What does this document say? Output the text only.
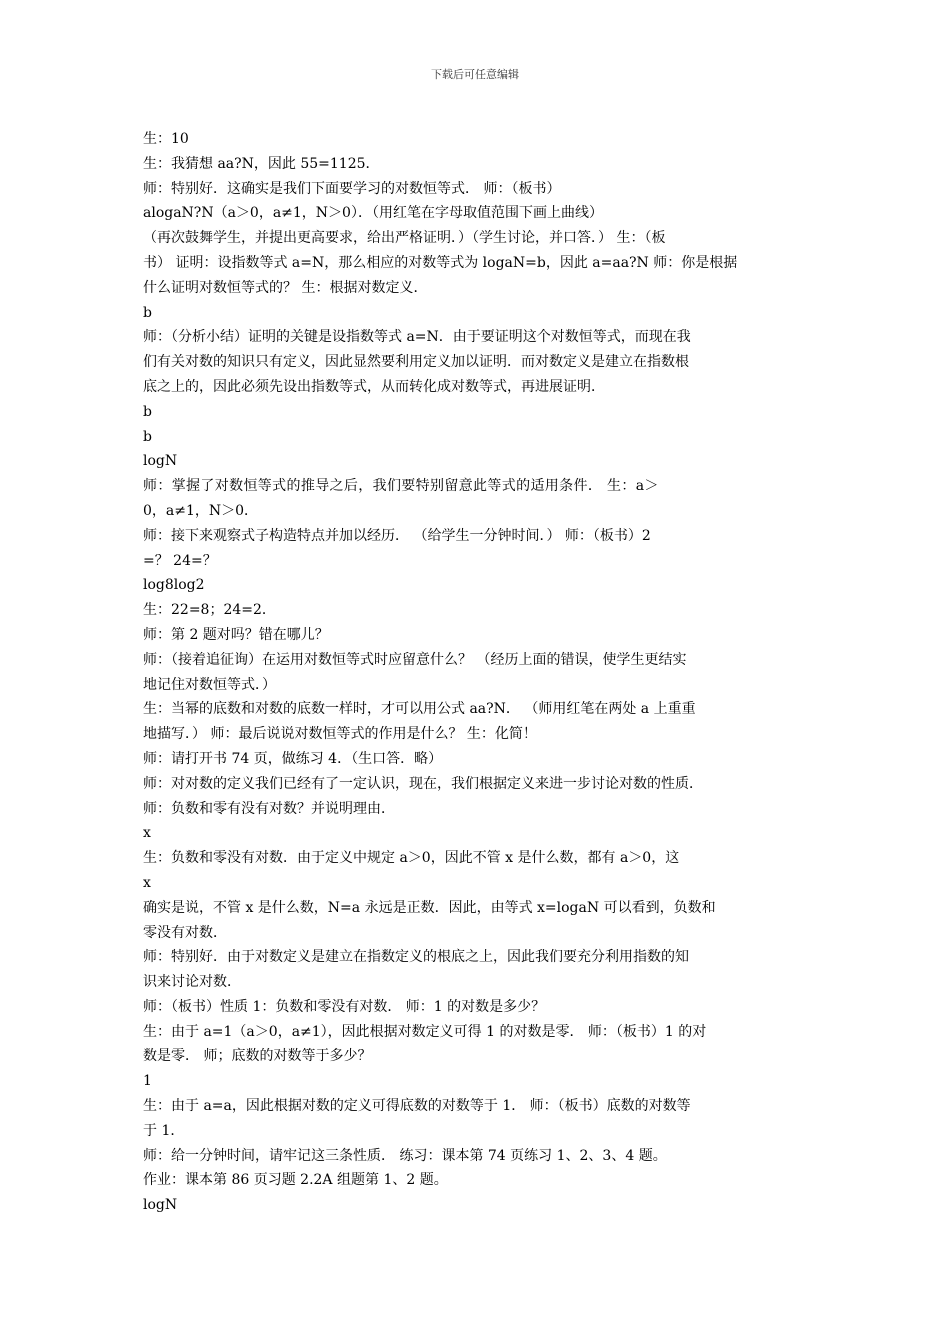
下载后可任意编辑
生：10
生：我猜想 aa?N，因此 55=1125．
师：特别好．这确实是我们下面要学习的对数恒等式． 师：（板书）
alogaN?N（a＞0，a≠1，N＞0）．（用红笔在字母取值范围下画上曲线）
（再次鼓舞学生，并提出更高要求，给出严格证明．）（学生讨论，并口答．） 生：（板
书） 证明：设指数等式 a=N，那么相应的对数等式为 logaN=b，因此 a=aa?N 师：你是根据
什么证明对数恒等式的？ 生：根据对数定义．
b
师：（分析小结）证明的关键是设指数等式 a=N．由于要证明这个对数恒等式，而现在我
们有关对数的知识只有定义，因此显然要利用定义加以证明．而对数定义是建立在指数根
底之上的，因此必须先设出指数等式，从而转化成对数等式，再进展证明．
b
b
logN
师：掌握了对数恒等式的推导之后，我们要特别留意此等式的适用条件． 生：a＞
0，a≠1，N＞0．
师：接下来观察式子构造特点并加以经历． （给学生一分钟时间．） 师：（板书）2
=？ 24=？
log8log2
生：22=8；24=2．
师：第 2 题对吗？错在哪儿？
师：（接着追征询）在运用对数恒等式时应留意什么？ （经历上面的错误，使学生更结实
地记住对数恒等式．）
生：当幂的底数和对数的底数一样时，才可以用公式 aa?N． （师用红笔在两处 a 上重重
地描写．） 师：最后说说对数恒等式的作用是什么？ 生：化简！
师：请打开书 74 页，做练习 4．（生口答．略）
师：对对数的定义我们已经有了一定认识，现在，我们根据定义来进一步讨论对数的性质．
师：负数和零有没有对数？并说明理由．
x
生：负数和零没有对数．由于定义中规定 a＞0，因此不管 x 是什么数，都有 a＞0，这
x
确实是说，不管 x 是什么数，N=a 永远是正数．因此，由等式 x=logaN 可以看到，负数和
零没有对数．
师：特别好．由于对数定义是建立在指数定义的根底之上，因此我们要充分利用指数的知
识来讨论对数．
师：（板书）性质 1：负数和零没有对数． 师：1 的对数是多少？
生：由于 a=1（a＞0，a≠1），因此根据对数定义可得 1 的对数是零． 师：（板书）1 的对
数是零． 师；底数的对数等于多少？
1
生：由于 a=a，因此根据对数的定义可得底数的对数等于 1． 师：（板书）底数的对数等
于 1．
师：给一分钟时间，请牢记这三条性质． 练习：课本第 74 页练习 1、2、3、4 题。
作业：课本第 86 页习题 2.2A 组题第 1、2 题。
logN
